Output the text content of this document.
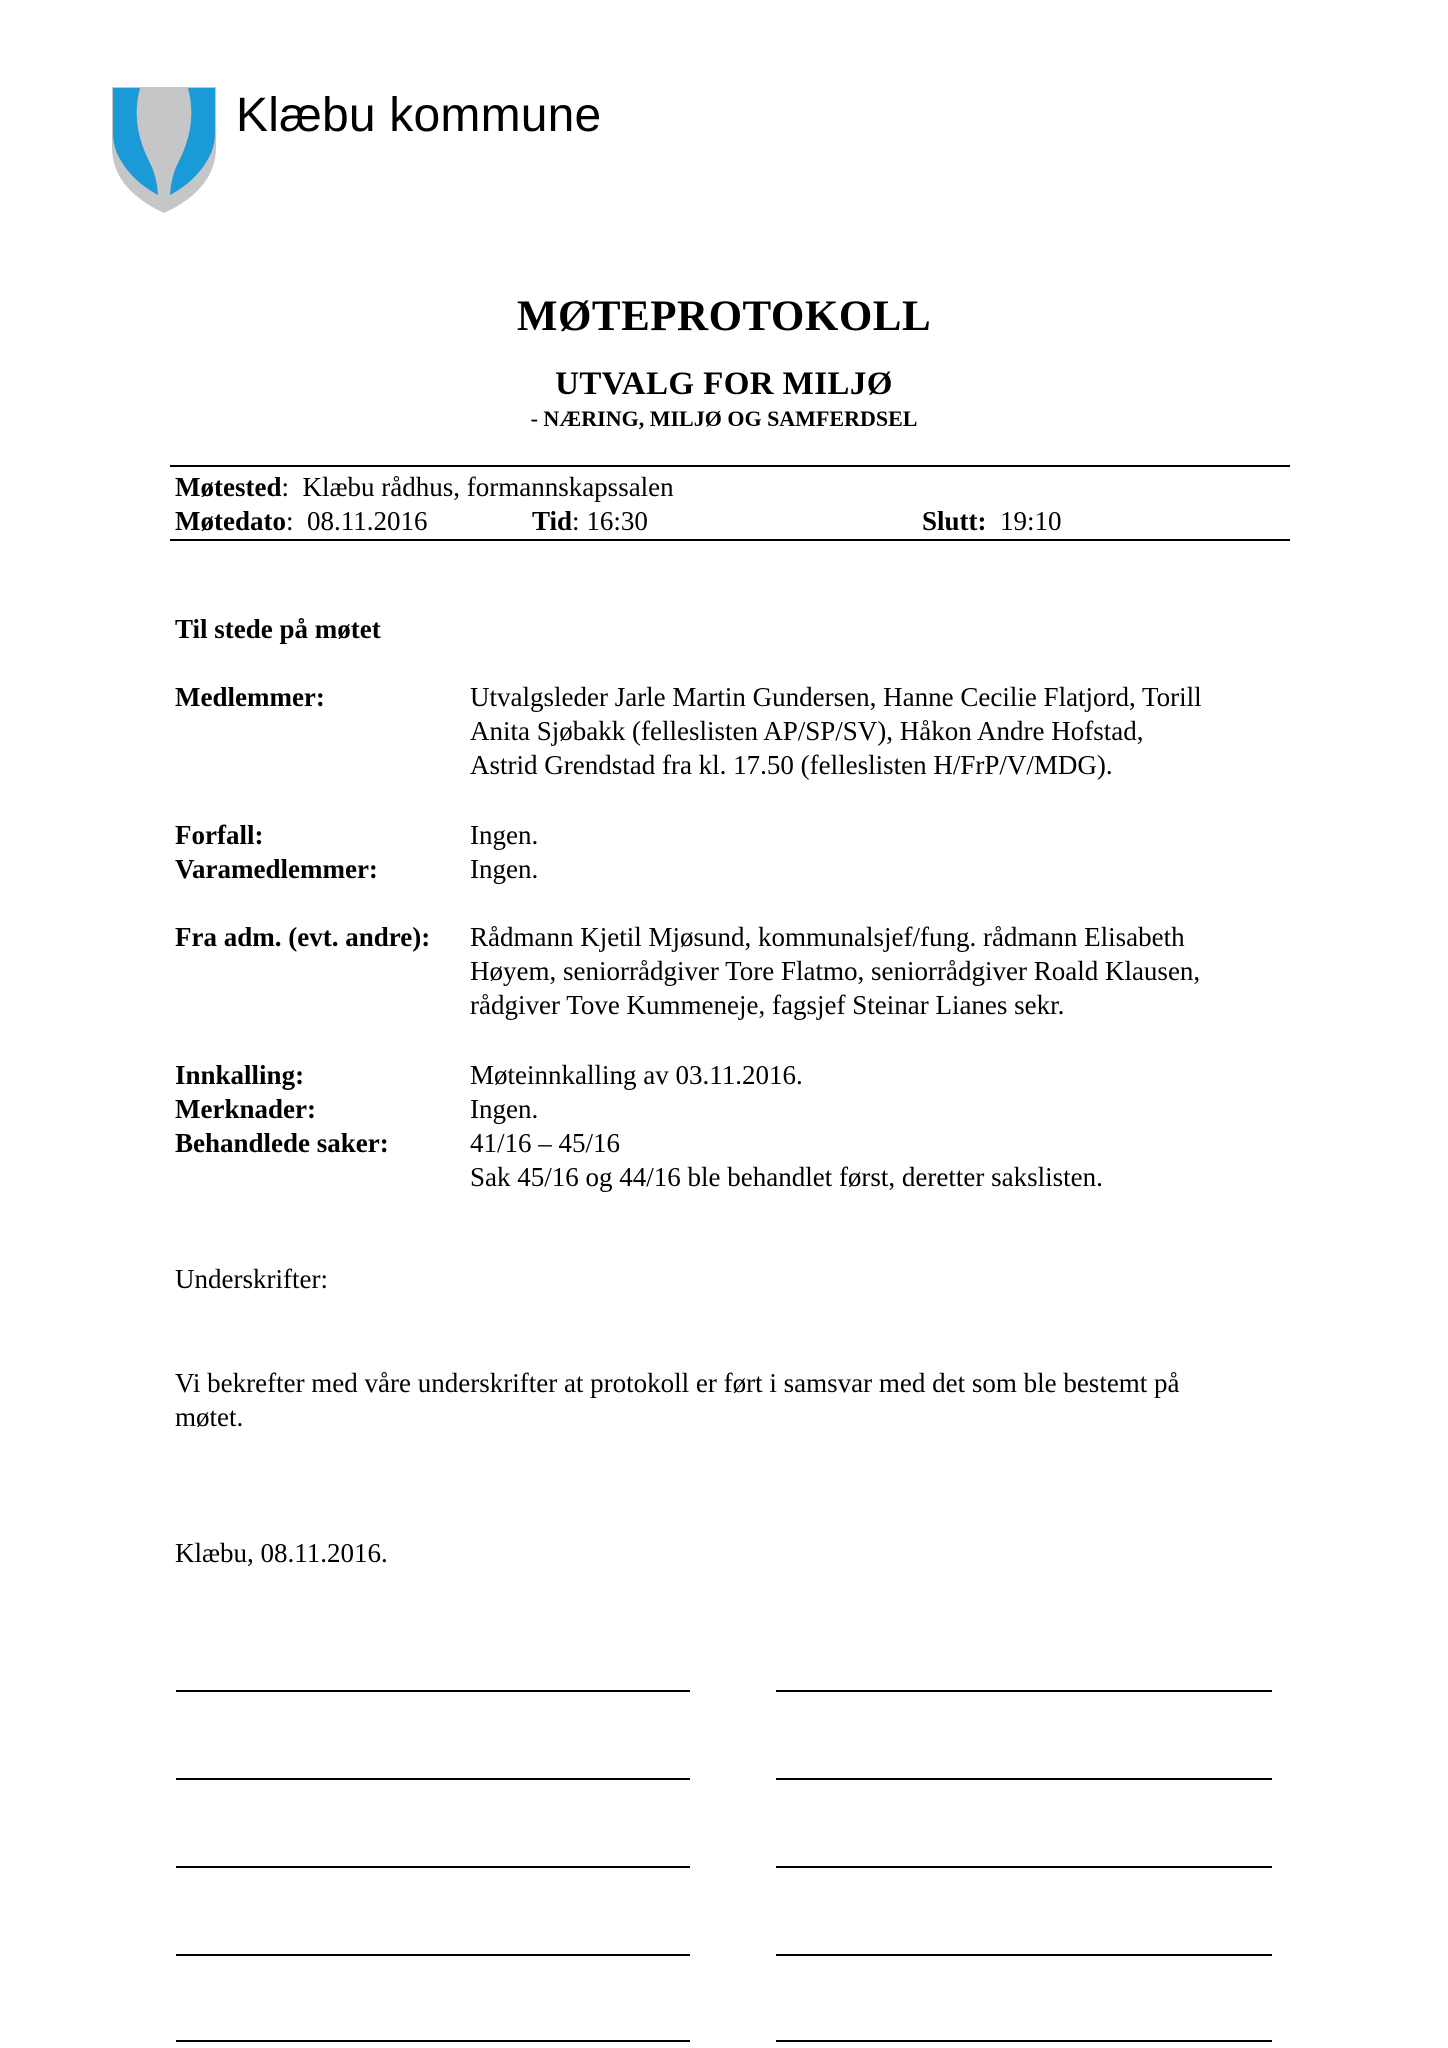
Klæbu kommune
MØTEPROTOKOLL
UTVALG FOR MILJØ
- NÆRING, MILJØ OG SAMFERDSEL
Møtested:  Klæbu rådhus, formannskapssalen
Møtedato:  08.11.2016	Tid: 16:30	Slutt: 19:10
Til stede på møtet
Medlemmer:	Utvalgsleder Jarle Martin Gundersen, Hanne Cecilie Flatjord, Torill
Anita Sjøbakk (felleslisten AP/SP/SV), Håkon Andre Hofstad,
Astrid Grendstad fra kl. 17.50 (felleslisten H/FrP/V/MDG).
Forfall:	Ingen.
Varamedlemmer:	Ingen.
Fra adm. (evt. andre): Rådmann Kjetil Mjøsund, kommunalsjef/fung. rådmann Elisabeth
Høyem, seniorrådgiver Tore Flatmo, seniorrådgiver Roald Klausen,
rådgiver Tove Kummeneje, fagsjef Steinar Lianes sekr.
Innkalling:	Møteinnkalling av 03.11.2016.
Merknader:	Ingen.
Behandlede saker:	41/16 – 45/16
Sak 45/16 og 44/16 ble behandlet først, deretter sakslisten.
Underskrifter:
Vi bekrefter med våre underskrifter at protokoll er ført i samsvar med det som ble bestemt på
møtet.
Klæbu, 08.11.2016.
